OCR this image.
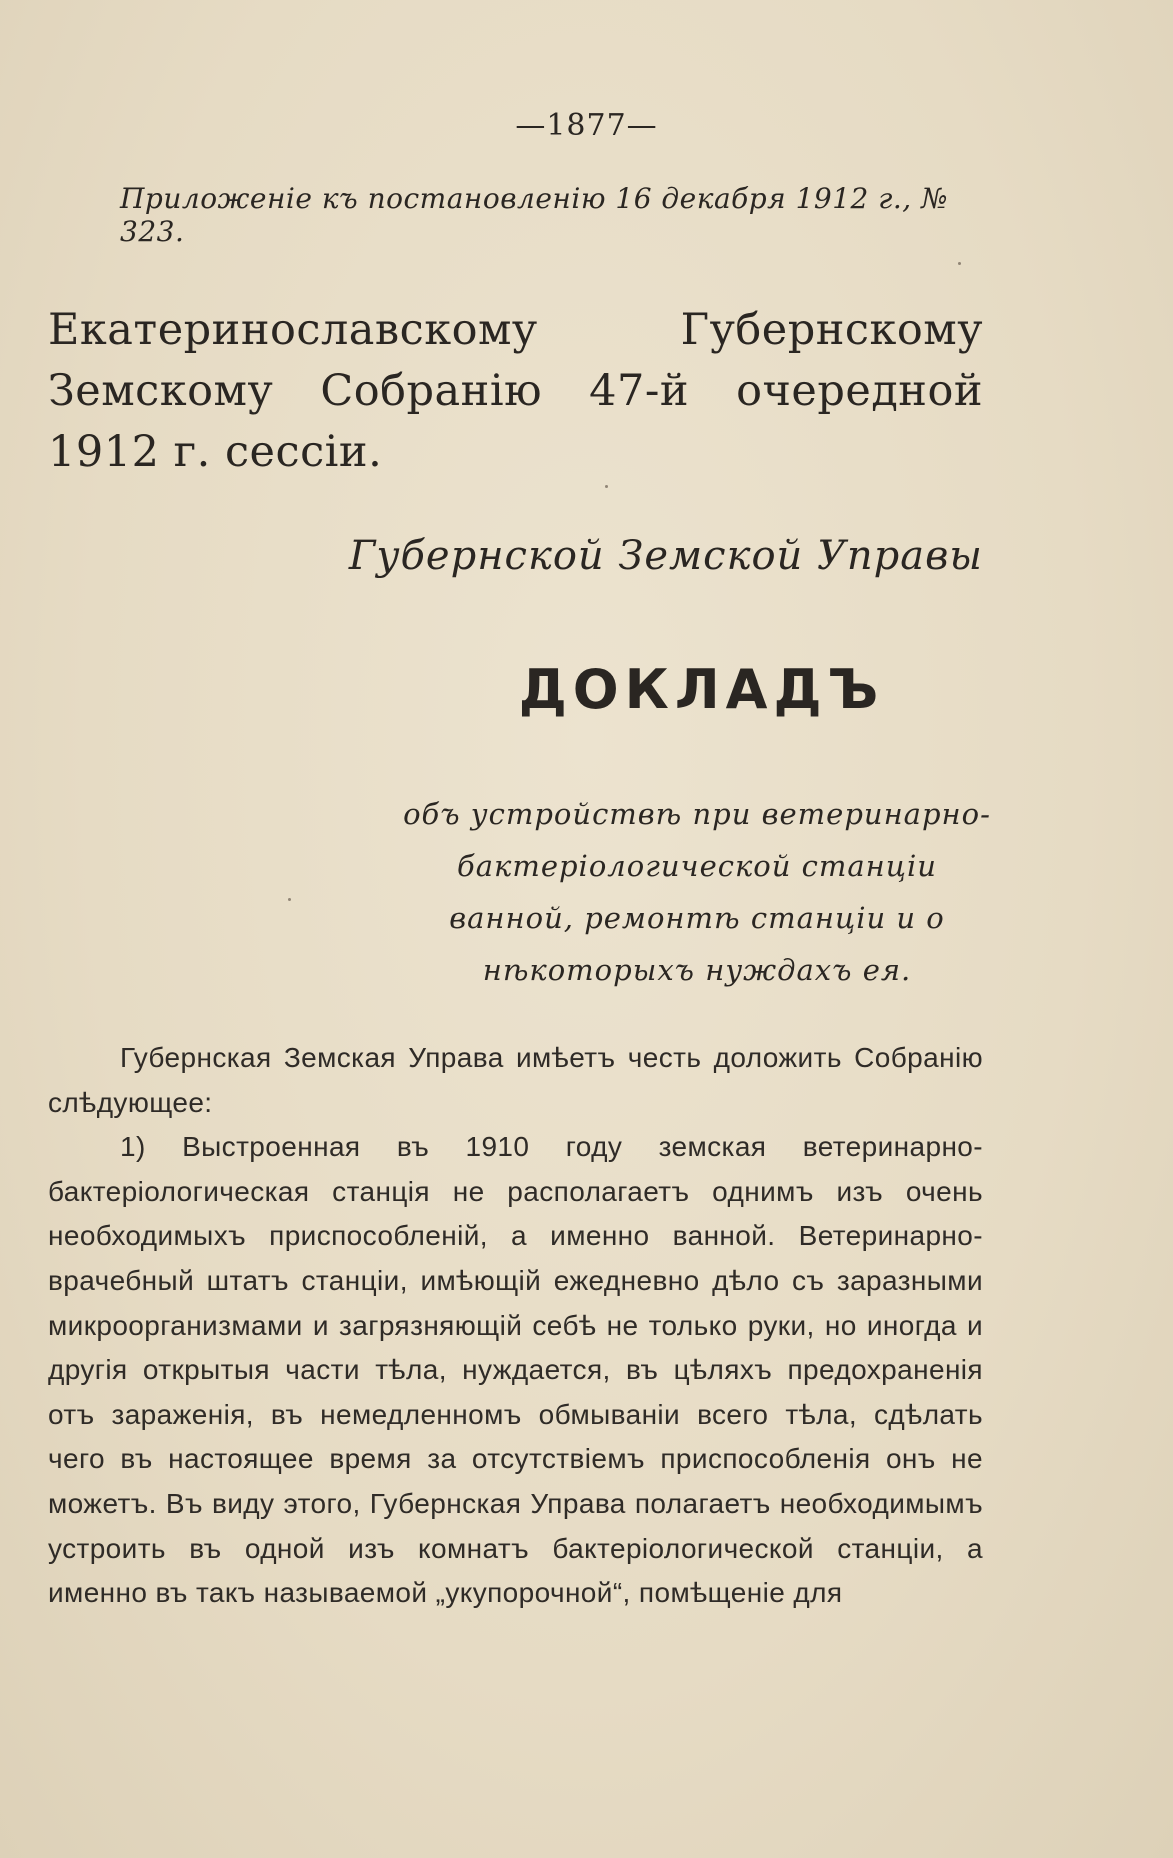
—1877—
Приложенiе къ постановленiю 16 декабря 1912 г., № 323.
Екатеринославскому Губернскому Земскому Собранiю 47-й очередной 1912 г. сессiи.
Губернской Земской Управы
ДОКЛАДЪ
объ устройствѣ при ветеринарно-бактерiологической станцiи ванной, ремонтѣ станцiи и о нѣкоторыхъ нуждахъ ея.

Губернская Земская Управа имѣетъ честь доложить Собранiю слѣдующее:

1) Выстроенная въ 1910 году земская ветеринарно-бактерiологическая станцiя не располагаетъ однимъ изъ очень необходимыхъ приспособленiй, а именно ванной. Ветеринарно-врачебный штатъ станцiи, имѣющiй ежедневно дѣло съ заразными микроорганизмами и загрязняющiй себѣ не только руки, но иногда и другiя открытыя части тѣла, нуждается, въ цѣляхъ предохраненiя отъ зараженiя, въ немедленномъ обмыванiи всего тѣла, сдѣлать чего въ настоящее время за отсутствiемъ приспособленiя онъ не можетъ. Въ виду этого, Губернская Управа полагаетъ необходимымъ устроить въ одной изъ комнатъ бактерiологической станцiи, а именно въ такъ называемой „укупорочной“, помѣщенiе для
